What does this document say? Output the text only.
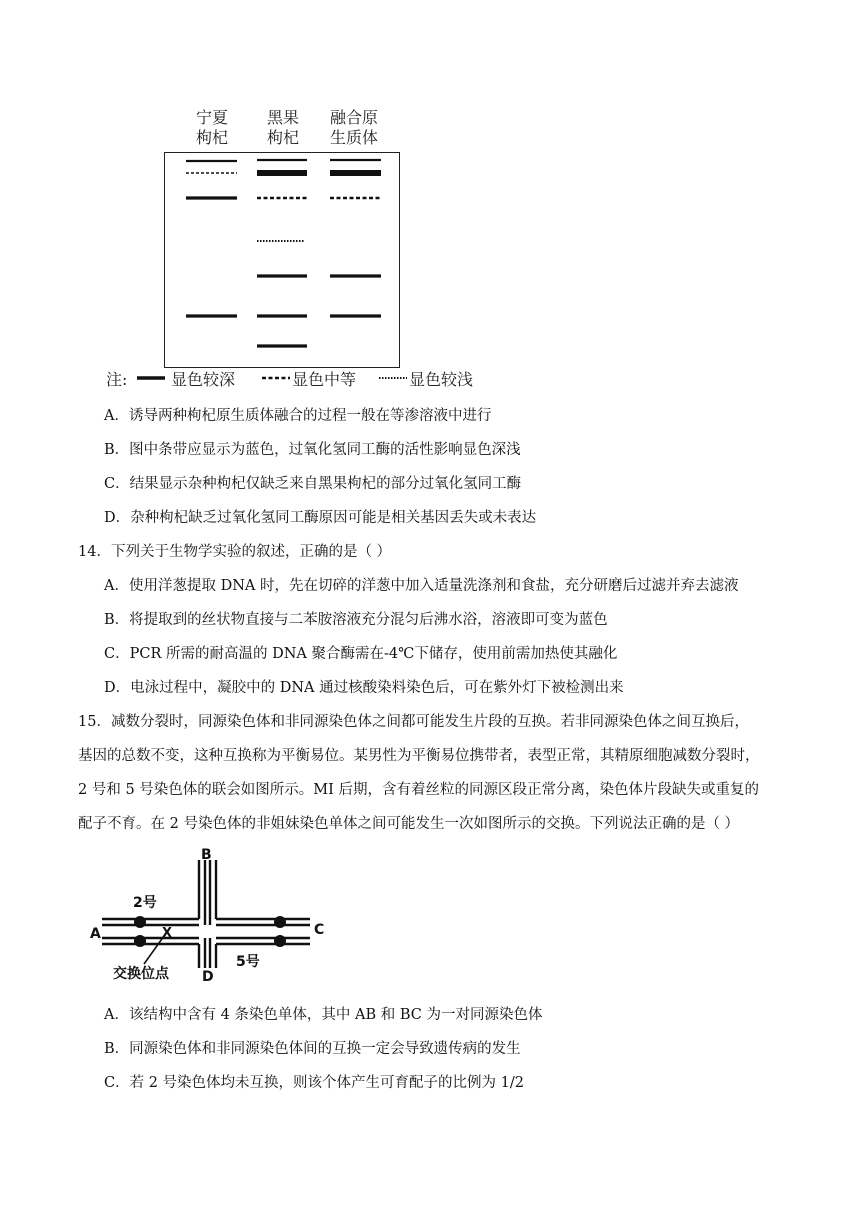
宁夏
枸杞
黑果
枸杞
融合原
生质体
注:	显色较深	显色中等	显色较浅
A．诱导两种枸杞原生质体融合的过程一般在等渗溶液中进行
B．图中条带应显示为蓝色，过氧化氢同工酶的活性影响显色深浅
C．结果显示杂种枸杞仅缺乏来自黑果枸杞的部分过氧化氢同工酶
D．杂种枸杞缺乏过氧化氢同工酶原因可能是相关基因丢失或未表达
14．下列关于生物学实验的叙述，正确的是（ ）
A．使用洋葱提取 DNA 时，先在切碎的洋葱中加入适量洗涤剂和食盐，充分研磨后过滤并弃去滤液
B．将提取到的丝状物直接与二苯胺溶液充分混匀后沸水浴，溶液即可变为蓝色
C．PCR 所需的耐高温的 DNA 聚合酶需在-4℃下储存，使用前需加热使其融化
D．电泳过程中，凝胶中的 DNA 通过核酸染料染色后，可在紫外灯下被检测出来
15．减数分裂时，同源染色体和非同源染色体之间都可能发生片段的互换。若非同源染色体之间互换后，
基因的总数不变，这种互换称为平衡易位。某男性为平衡易位携带者，表型正常，其精原细胞减数分裂时，
2 号和 5 号染色体的联会如图所示。MI 后期，含有着丝粒的同源区段正常分离，染色体片段缺失或重复的
配子不育。在 2 号染色体的非姐妹染色单体之间可能发生一次如图所示的交换。下列说法正确的是（ ）
A
B
C
D
2号
5号
X
交换位点
A．该结构中含有 4 条染色单体，其中 AB 和 BC 为一对同源染色体
B．同源染色体和非同源染色体间的互换一定会导致遗传病的发生
C．若 2 号染色体均未互换，则该个体产生可育配子的比例为 1/2
